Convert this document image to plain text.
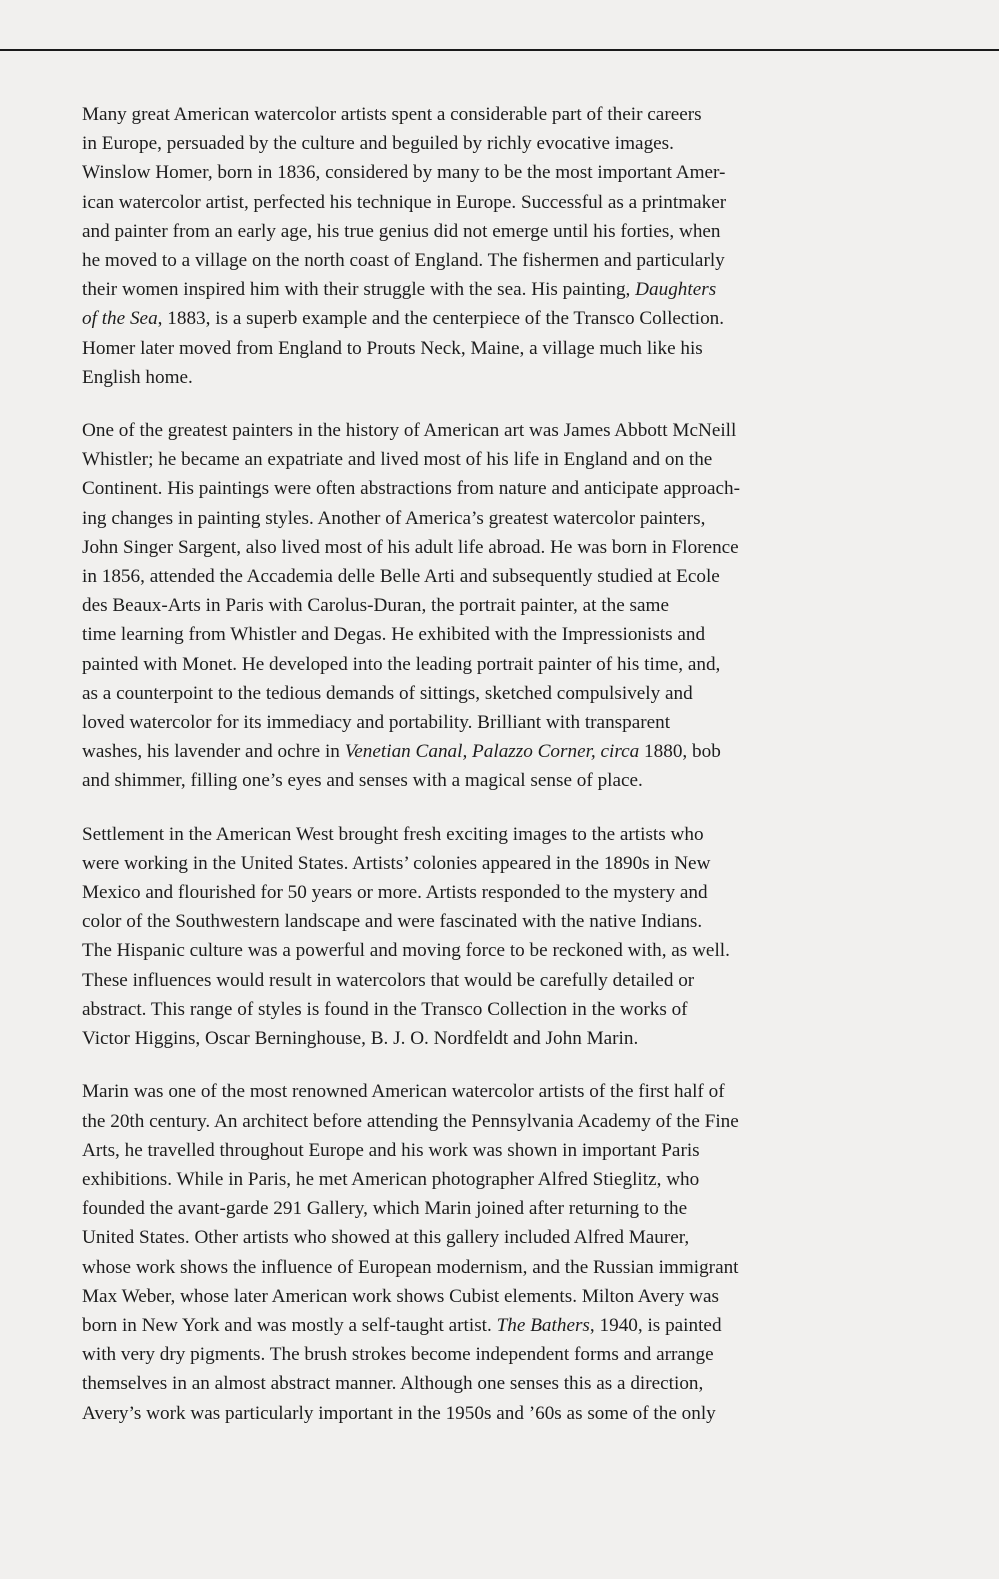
Many great American watercolor artists spent a considerable part of their careers
in Europe, persuaded by the culture and beguiled by richly evocative images.
Winslow Homer, born in 1836, considered by many to be the most important Amer-
ican watercolor artist, perfected his technique in Europe. Successful as a printmaker
and painter from an early age, his true genius did not emerge until his forties, when
he moved to a village on the north coast of England. The fishermen and particularly
their women inspired him with their struggle with the sea. His painting, Daughters
of the Sea, 1883, is a superb example and the centerpiece of the Transco Collection.
Homer later moved from England to Prouts Neck, Maine, a village much like his
English home.

One of the greatest painters in the history of American art was James Abbott McNeill
Whistler; he became an expatriate and lived most of his life in England and on the
Continent. His paintings were often abstractions from nature and anticipate approach-
ing changes in painting styles. Another of America’s greatest watercolor painters,
John Singer Sargent, also lived most of his adult life abroad. He was born in Florence
in 1856, attended the Accademia delle Belle Arti and subsequently studied at Ecole
des Beaux-Arts in Paris with Carolus-Duran, the portrait painter, at the same
time learning from Whistler and Degas. He exhibited with the Impressionists and
painted with Monet. He developed into the leading portrait painter of his time, and,
as a counterpoint to the tedious demands of sittings, sketched compulsively and
loved watercolor for its immediacy and portability. Brilliant with transparent
washes, his lavender and ochre in Venetian Canal, Palazzo Corner, circa 1880, bob
and shimmer, filling one’s eyes and senses with a magical sense of place.

Settlement in the American West brought fresh exciting images to the artists who
were working in the United States. Artists’ colonies appeared in the 1890s in New
Mexico and flourished for 50 years or more. Artists responded to the mystery and
color of the Southwestern landscape and were fascinated with the native Indians.
The Hispanic culture was a powerful and moving force to be reckoned with, as well.
These influences would result in watercolors that would be carefully detailed or
abstract. This range of styles is found in the Transco Collection in the works of
Victor Higgins, Oscar Berninghouse, B. J. O. Nordfeldt and John Marin.

Marin was one of the most renowned American watercolor artists of the first half of
the 20th century. An architect before attending the Pennsylvania Academy of the Fine
Arts, he travelled throughout Europe and his work was shown in important Paris
exhibitions. While in Paris, he met American photographer Alfred Stieglitz, who
founded the avant-garde 291 Gallery, which Marin joined after returning to the
United States. Other artists who showed at this gallery included Alfred Maurer,
whose work shows the influence of European modernism, and the Russian immigrant
Max Weber, whose later American work shows Cubist elements. Milton Avery was
born in New York and was mostly a self-taught artist. The Bathers, 1940, is painted
with very dry pigments. The brush strokes become independent forms and arrange
themselves in an almost abstract manner. Although one senses this as a direction,
Avery’s work was particularly important in the 1950s and ’60s as some of the only
